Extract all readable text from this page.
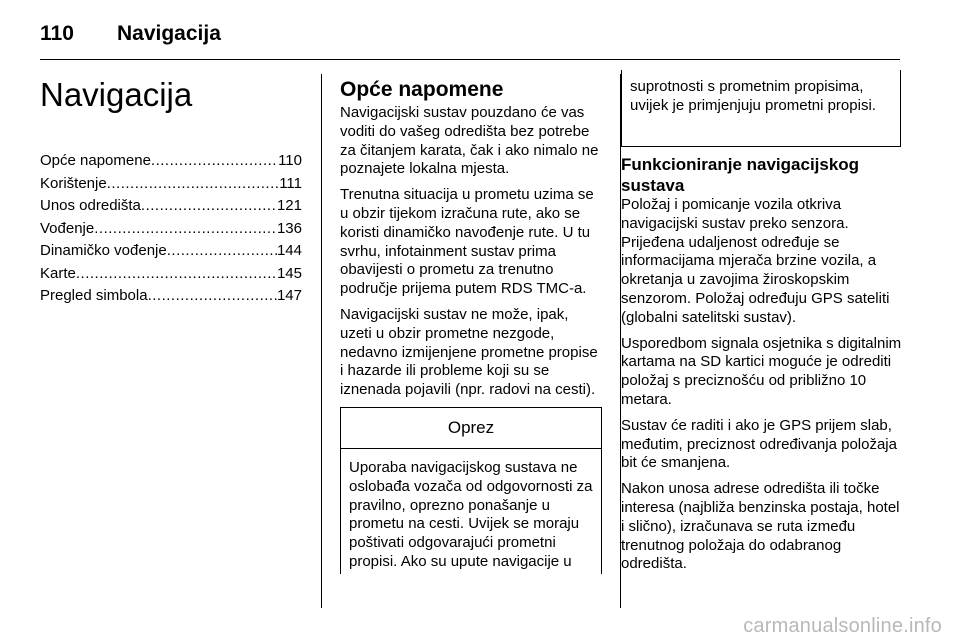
110 Navigacija
Navigacija
Opće napomene .....	110
Korištenje .....	111
Unos odredišta .....	121
Vođenje .....	136
Dinamičko vođenje .....	144
Karte .....	145
Pregled simbola .....	147
Opće napomene

Navigacijski sustav pouzdano će vas voditi do vašeg odredišta bez potrebe za čitanjem karata, čak i ako nimalo ne poznajete lokalna mjesta.

Trenutna situacija u prometu uzima se u obzir tijekom izračuna rute, ako se koristi dinamičko navođenje rute. U tu svrhu, infotainment sustav prima obavijesti o prometu za trenutno područje prijema putem RDS TMC-a.

Navigacijski sustav ne može, ipak, uzeti u obzir prometne nezgode, nedavno izmijenjene prometne propise i hazarde ili probleme koji su se iznenada pojavili (npr. radovi na cesti).

Oprez
Uporaba navigacijskog sustava ne oslobađa vozača od odgovornosti za pravilno, oprezno ponašanje u prometu na cesti. Uvijek se moraju poštivati odgovarajući prometni propisi. Ako su upute navigacije u
suprotnosti s prometnim propisima, uvijek je primjenjuju prometni propisi.
Funkcioniranje navigacijskog sustava

Položaj i pomicanje vozila otkriva navigacijski sustav preko senzora. Prijeđena udaljenost određuje se informacijama mjerača brzine vozila, a okretanja u zavojima žiroskopskim senzorom. Položaj određuju GPS sateliti (globalni satelitski sustav).

Usporedbom signala osjetnika s digitalnim kartama na SD kartici moguće je odrediti položaj s preciznošću od približno 10 metara.

Sustav će raditi i ako je GPS prijem slab, međutim, preciznost određivanja položaja bit će smanjena.

Nakon unosa adrese odredišta ili točke interesa (najbliža benzinska postaja, hotel i slično), izračunava se ruta između trenutnog položaja do odabranog odredišta.

carmanualsonline.info
